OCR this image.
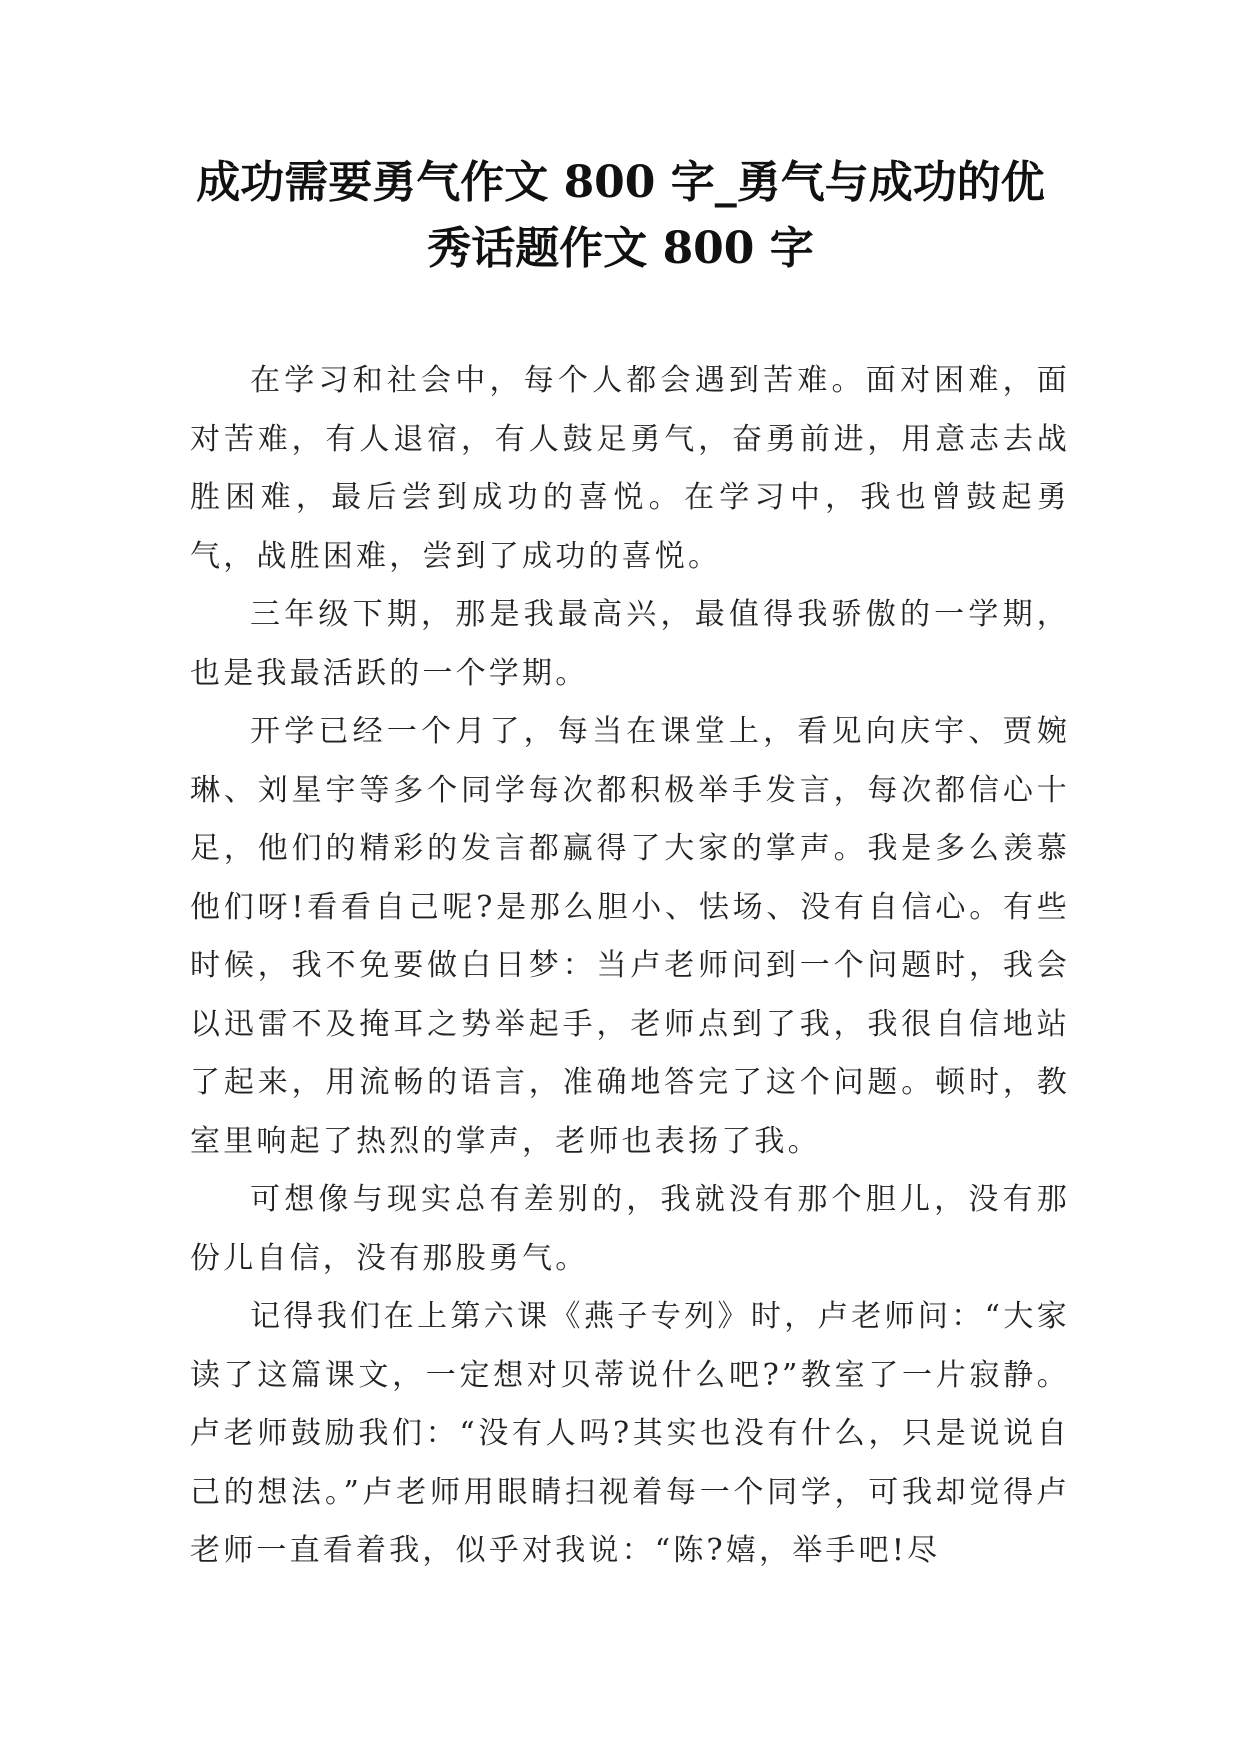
成功需要勇气作文 800 字_勇气与成功的优
秀话题作文 800 字

在学习和社会中，每个人都会遇到苦难。面对困难，面对苦难，有人退宿，有人鼓足勇气，奋勇前进，用意志去战胜困难，最后尝到成功的喜悦。在学习中，我也曾鼓起勇气，战胜困难，尝到了成功的喜悦。

三年级下期，那是我最高兴，最值得我骄傲的一学期，也是我最活跃的一个学期。

开学已经一个月了，每当在课堂上，看见向庆宇、贾婉琳、刘星宇等多个同学每次都积极举手发言，每次都信心十足，他们的精彩的发言都赢得了大家的掌声。我是多么羡慕他们呀!看看自己呢?是那么胆小、怯场、没有自信心。有些时候，我不免要做白日梦：当卢老师问到一个问题时，我会以迅雷不及掩耳之势举起手，老师点到了我，我很自信地站了起来，用流畅的语言，准确地答完了这个问题。顿时，教室里响起了热烈的掌声，老师也表扬了我。

可想像与现实总有差别的，我就没有那个胆儿，没有那份儿自信，没有那股勇气。

记得我们在上第六课《燕子专列》时，卢老师问：“大家读了这篇课文，一定想对贝蒂说什么吧?”教室了一片寂静。卢老师鼓励我们：“没有人吗?其实也没有什么，只是说说自己的想法。”卢老师用眼睛扫视着每一个同学，可我却觉得卢老师一直看着我，似乎对我说：“陈?嬉，举手吧!尽
